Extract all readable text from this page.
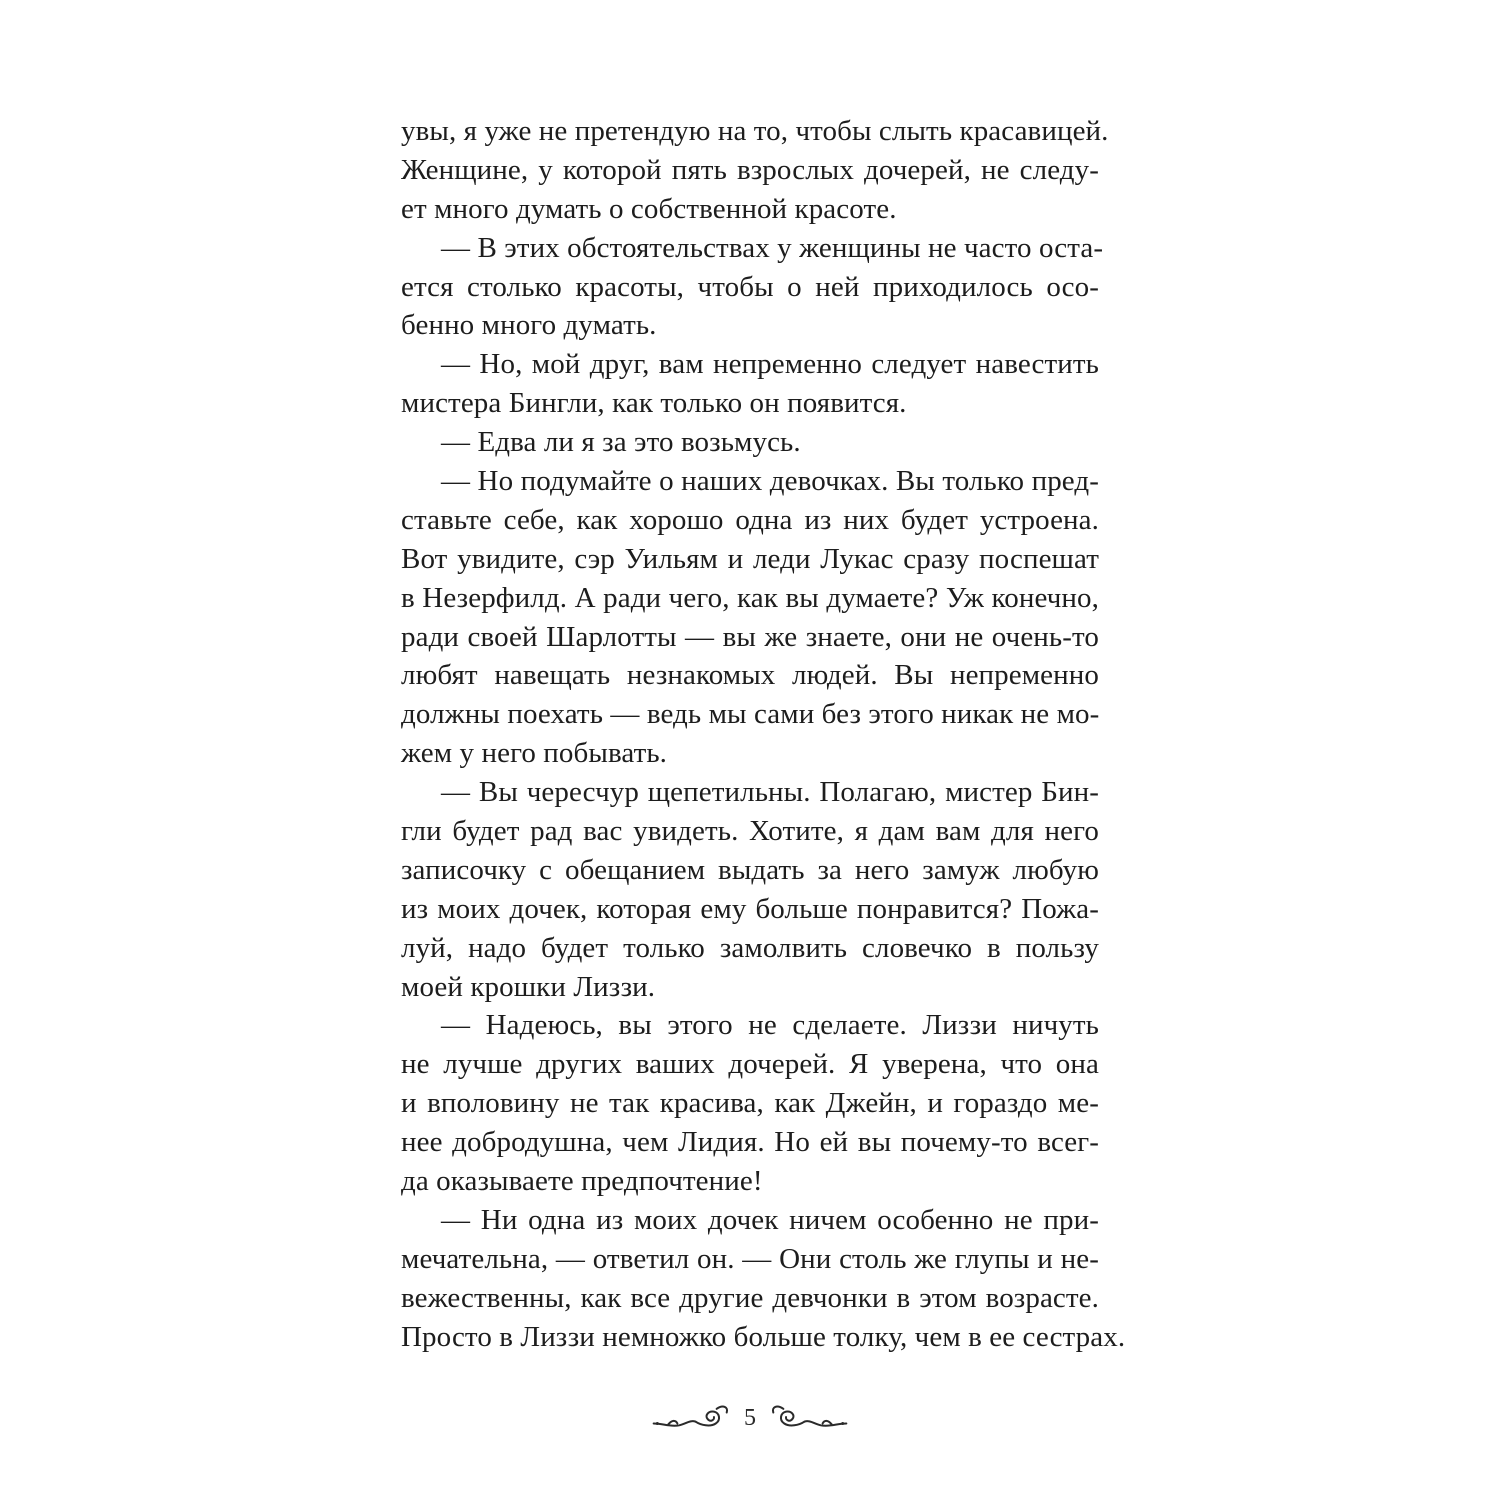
увы, я уже не претендую на то, чтобы слыть красавицей.
Женщине, у которой пять взрослых дочерей, не следу-
ет много думать о собственной красоте.
— В этих обстоятельствах у женщины не часто оста-
ется столько красоты, чтобы о ней приходилось осо-
бенно много думать.
— Но, мой друг, вам непременно следует навестить
мистера Бингли, как только он появится.
— Едва ли я за это возьмусь.
— Но подумайте о наших девочках. Вы только пред-
ставьте себе, как хорошо одна из них будет устроена.
Вот увидите, сэр Уильям и леди Лукас сразу поспешат
в Незерфилд. А ради чего, как вы думаете? Уж конечно,
ради своей Шарлотты — вы же знаете, они не очень-то
любят навещать незнакомых людей. Вы непременно
должны поехать — ведь мы сами без этого никак не мо-
жем у него побывать.
— Вы чересчур щепетильны. Полагаю, мистер Бин-
гли будет рад вас увидеть. Хотите, я дам вам для него
записочку с обещанием выдать за него замуж любую
из моих дочек, которая ему больше понравится? Пожа-
луй, надо будет только замолвить словечко в пользу
моей крошки Лиззи.
— Надеюсь, вы этого не сделаете. Лиззи ничуть
не лучше других ваших дочерей. Я уверена, что она
и вполовину не так красива, как Джейн, и гораздо ме-
нее добродушна, чем Лидия. Но ей вы почему-то всег-
да оказываете предпочтение!
— Ни одна из моих дочек ничем особенно не при-
мечательна, — ответил он. — Они столь же глупы и не-
вежественны, как все другие девчонки в этом возрасте.
Просто в Лиззи немножко больше толку, чем в ее сестрах.
5
